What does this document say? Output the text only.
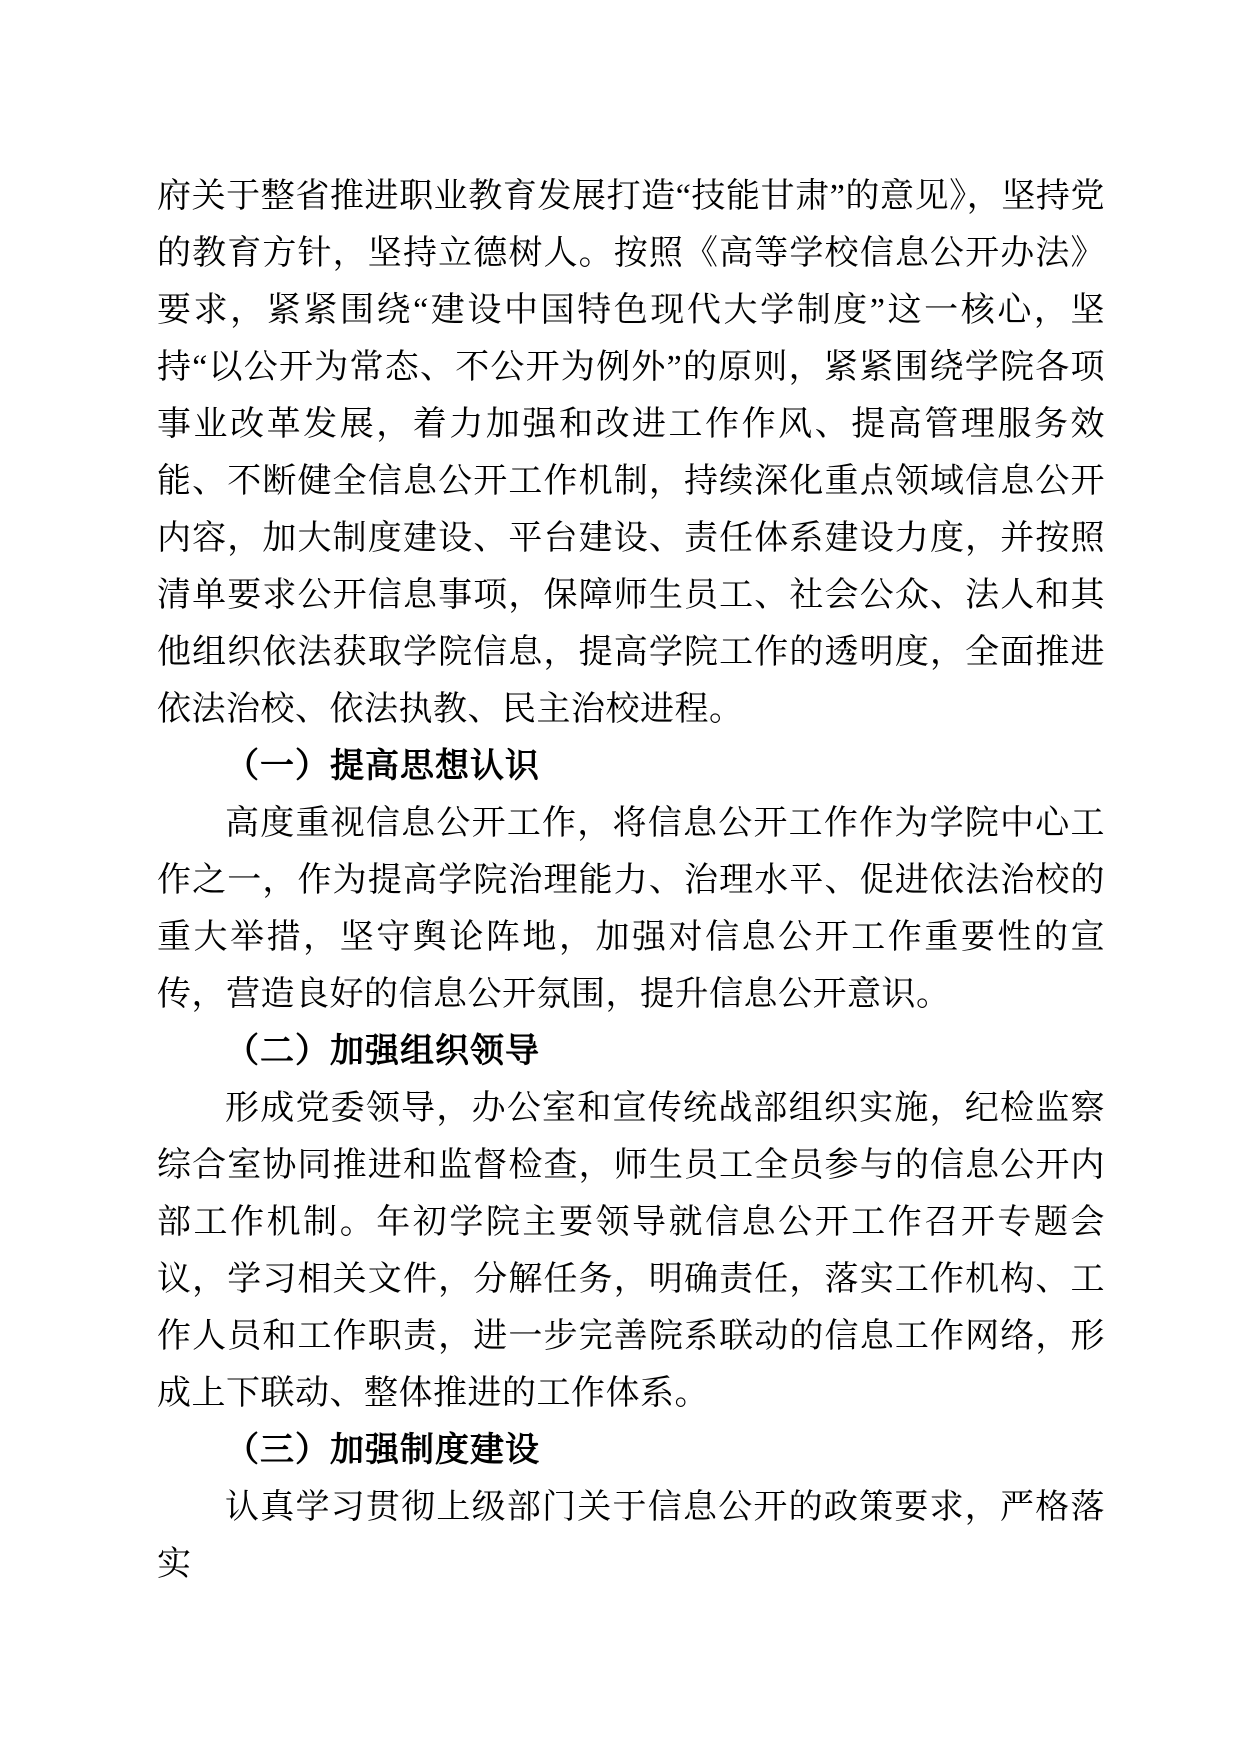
府关于整省推进职业教育发展打造“技能甘肃”的意见》，坚持党的教育方针，坚持立德树人。按照《高等学校信息公开办法》要求，紧紧围绕“建设中国特色现代大学制度”这一核心，坚持“以公开为常态、不公开为例外”的原则，紧紧围绕学院各项事业改革发展，着力加强和改进工作作风、提高管理服务效能、不断健全信息公开工作机制，持续深化重点领域信息公开内容，加大制度建设、平台建设、责任体系建设力度，并按照清单要求公开信息事项，保障师生员工、社会公众、法人和其他组织依法获取学院信息，提高学院工作的透明度，全面推进依法治校、依法执教、民主治校进程。

（一）提高思想认识

高度重视信息公开工作，将信息公开工作作为学院中心工作之一，作为提高学院治理能力、治理水平、促进依法治校的重大举措，坚守舆论阵地，加强对信息公开工作重要性的宣传，营造良好的信息公开氛围，提升信息公开意识。

（二）加强组织领导

形成党委领导，办公室和宣传统战部组织实施，纪检监察综合室协同推进和监督检查，师生员工全员参与的信息公开内部工作机制。年初学院主要领导就信息公开工作召开专题会议，学习相关文件，分解任务，明确责任，落实工作机构、工作人员和工作职责，进一步完善院系联动的信息工作网络，形成上下联动、整体推进的工作体系。

（三）加强制度建设

认真学习贯彻上级部门关于信息公开的政策要求，严格落实
